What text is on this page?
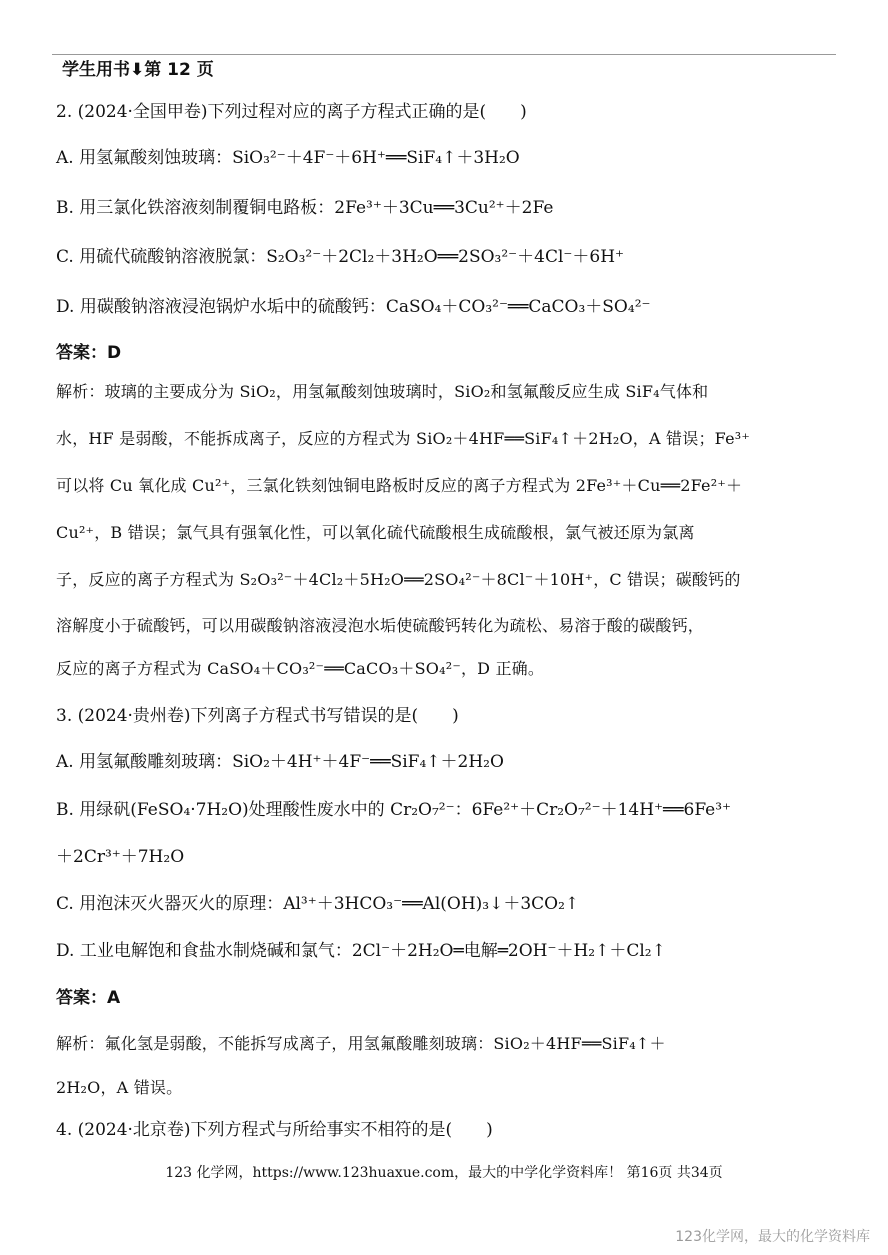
学生用书⬇第 12 页
2. (2024·全国甲卷)下列过程对应的离子方程式正确的是(　　)
A. 用氢氟酸刻蚀玻璃：SiO₃²⁻＋4F⁻＋6H⁺══SiF₄↑＋3H₂O
B. 用三氯化铁溶液刻制覆铜电路板：2Fe³⁺＋3Cu══3Cu²⁺＋2Fe
C. 用硫代硫酸钠溶液脱氯：S₂O₃²⁻＋2Cl₂＋3H₂O══2SO₃²⁻＋4Cl⁻＋6H⁺
D. 用碳酸钠溶液浸泡锅炉水垢中的硫酸钙：CaSO₄＋CO₃²⁻══CaCO₃＋SO₄²⁻
答案：D
解析：玻璃的主要成分为 SiO₂，用氢氟酸刻蚀玻璃时，SiO₂和氢氟酸反应生成 SiF₄气体和
水，HF 是弱酸，不能拆成离子，反应的方程式为 SiO₂＋4HF══SiF₄↑＋2H₂O，A 错误；Fe³⁺
可以将 Cu 氧化成 Cu²⁺，三氯化铁刻蚀铜电路板时反应的离子方程式为 2Fe³⁺＋Cu══2Fe²⁺＋
Cu²⁺，B 错误；氯气具有强氧化性，可以氧化硫代硫酸根生成硫酸根，氯气被还原为氯离
子，反应的离子方程式为 S₂O₃²⁻＋4Cl₂＋5H₂O══2SO₄²⁻＋8Cl⁻＋10H⁺，C 错误；碳酸钙的
溶解度小于硫酸钙，可以用碳酸钠溶液浸泡水垢使硫酸钙转化为疏松、易溶于酸的碳酸钙，
反应的离子方程式为 CaSO₄＋CO₃²⁻══CaCO₃＋SO₄²⁻，D 正确。
3. (2024·贵州卷)下列离子方程式书写错误的是(　　)
A. 用氢氟酸雕刻玻璃：SiO₂＋4H⁺＋4F⁻══SiF₄↑＋2H₂O
B. 用绿矾(FeSO₄·7H₂O)处理酸性废水中的 Cr₂O₇²⁻：6Fe²⁺＋Cr₂O₇²⁻＋14H⁺══6Fe³⁺
＋2Cr³⁺＋7H₂O
C. 用泡沫灭火器灭火的原理：Al³⁺＋3HCO₃⁻══Al(OH)₃↓＋3CO₂↑
D. 工业电解饱和食盐水制烧碱和氯气：2Cl⁻＋2H₂O═电解═2OH⁻＋H₂↑＋Cl₂↑
答案：A
解析：氟化氢是弱酸，不能拆写成离子，用氢氟酸雕刻玻璃：SiO₂＋4HF══SiF₄↑＋
2H₂O，A 错误。
4. (2024·北京卷)下列方程式与所给事实不相符的是(　　)
123 化学网，https://www.123huaxue.com，最大的中学化学资料库！ 第16页 共34页
123化学网，最大的化学资料库
